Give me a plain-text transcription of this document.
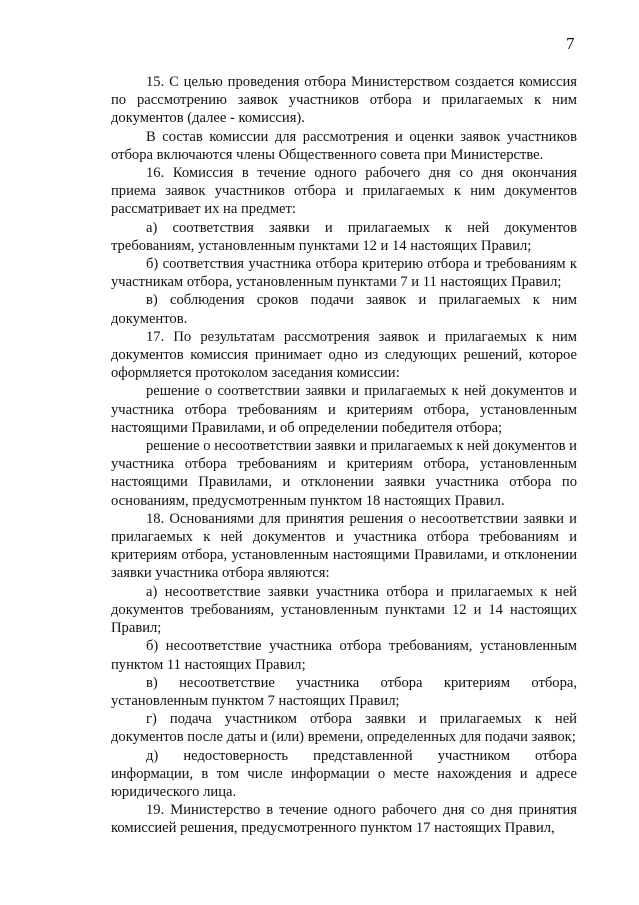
7

15. С целью проведения отбора Министерством создается комиссия по рассмотрению заявок участников отбора и прилагаемых к ним документов (далее - комиссия).

В состав комиссии для рассмотрения и оценки заявок участников отбора включаются члены Общественного совета при Министерстве.

16. Комиссия в течение одного рабочего дня со дня окончания приема заявок участников отбора и прилагаемых к ним документов рассматривает их на предмет:

а) соответствия заявки и прилагаемых к ней документов требованиям, установленным пунктами 12 и 14 настоящих Правил;

б) соответствия участника отбора критерию отбора и требованиям к участникам отбора, установленным пунктами 7 и 11 настоящих Правил;

в) соблюдения сроков подачи заявок и прилагаемых к ним документов.

17. По результатам рассмотрения заявок и прилагаемых к ним документов комиссия принимает одно из следующих решений, которое оформляется протоколом заседания комиссии:

решение о соответствии заявки и прилагаемых к ней документов и участника отбора требованиям и критериям отбора, установленным настоящими Правилами, и об определении победителя отбора;

решение о несоответствии заявки и прилагаемых к ней документов и участника отбора требованиям и критериям отбора, установленным настоящими Правилами, и отклонении заявки участника отбора по основаниям, предусмотренным пунктом 18 настоящих Правил.

18. Основаниями для принятия решения о несоответствии заявки и прилагаемых к ней документов и участника отбора требованиям и критериям отбора, установленным настоящими Правилами, и отклонении заявки участника отбора являются:

а) несоответствие заявки участника отбора и прилагаемых к ней документов требованиям, установленным пунктами 12 и 14 настоящих Правил;

б) несоответствие участника отбора требованиям, установленным пунктом 11 настоящих Правил;

в) несоответствие участника отбора критериям отбора, установленным пунктом 7 настоящих Правил;

г) подача участником отбора заявки и прилагаемых к ней документов после даты и (или) времени, определенных для подачи заявок;

д) недостоверность представленной участником отбора информации, в том числе информации о месте нахождения и адресе юридического лица.

19. Министерство в течение одного рабочего дня со дня принятия комиссией решения, предусмотренного пунктом 17 настоящих Правил,
